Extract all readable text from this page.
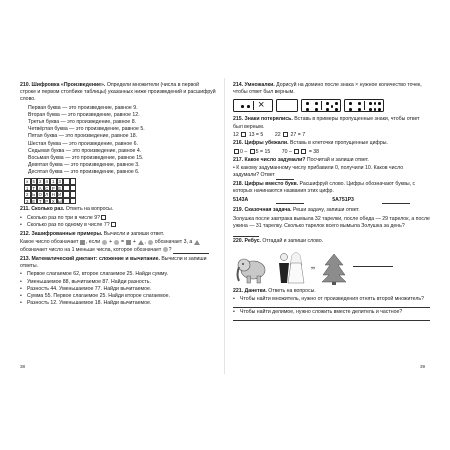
210. Шифровка «Произведение». Определи множители (числа в первой строке и первом столбике таблицы) указанных ниже произведений и расшифруй слово.
Первая буква — это произведение, равное 9.
Вторая буква — это произведение, равное 12.
Третья буква — это произведение, равное 8.
Четвёртая буква — это произведение, равное 5.
Пятая буква — это произведение, равное 18.
Шестая буква — это произведение, равное 6.
Седьмая буква — это произведение, равное 4.
Восьмая буква — это произведение, равное 15.
Девятая буква — это произведение, равное 3.
Десятая буква — это произведение, равное 6.
х 5 2 4 1 3
1 Т А С Р Е
2 Ь О Л Н И
3 Е Т Р Х Ы
211. Сколько раз. Ответь на вопросы.
• Сколько раз по три в числе 9?
• Сколько раз по одному в числе 7?
212. Зашифрованные примеры. Вычисли и запиши ответ.
Какое число обозначает , если  +  =  + ,  обозначает 3, а  обозначает число на 1 меньше числа, которое обозначает ?
213. Математический диктант: сложение и вычитание. Вычисли и запиши ответы.
• Первое слагаемое 62, второе слагаемое 25. Найди сумму.
• Уменьшаемое 88, вычитаемое 87. Найди разность.
• Разность 44. Уменьшаемое 77. Найди вычитаемое.
• Сумма 55. Первое слагаемое 25. Найди второе слагаемое.
• Разность 12. Уменьшаемое 18. Найди вычитаемое.
38
214. Умножалки. Дорисуй на домино после знака × нужное количество точек, чтобы ответ был верным.
×
215. Знаки потерялись. Вставь в примеры пропущенные знаки, чтобы ответ был верным.
12 13 = 5 22 27 = 7
216. Цифры убежали. Вставь в клеточки пропущенные цифры.
0 – 5 = 15 70 –	= 38
217. Какое число задумали? Посчитай и запиши ответ.
• К какому задуманному числу прибавили 0, получили 10. Каков число задумали? Ответ
218. Цифры вместо букв. Расшифруй слово. Цифры обозначают буквы, с которых начинаются названия этих цифр.
5143А	5А751Р3
219. Сказочная задача. Реши задачу, запиши ответ.
Золушка после завтрака вымыла 32 тарелки, после обеда — 29 тарелок, а после ужина — 31 тарелку. Сколько тарелок всего вымыла Золушка за день?
220. Ребус. Отгадай и запиши слово.
,,
221. Данетки. Ответь на вопросы.
• Чтобы найти множитель, нужно от произведения отнять второй множитель?
• Чтобы найти делимое, нужно сложить вместе делитель и частное?
39
